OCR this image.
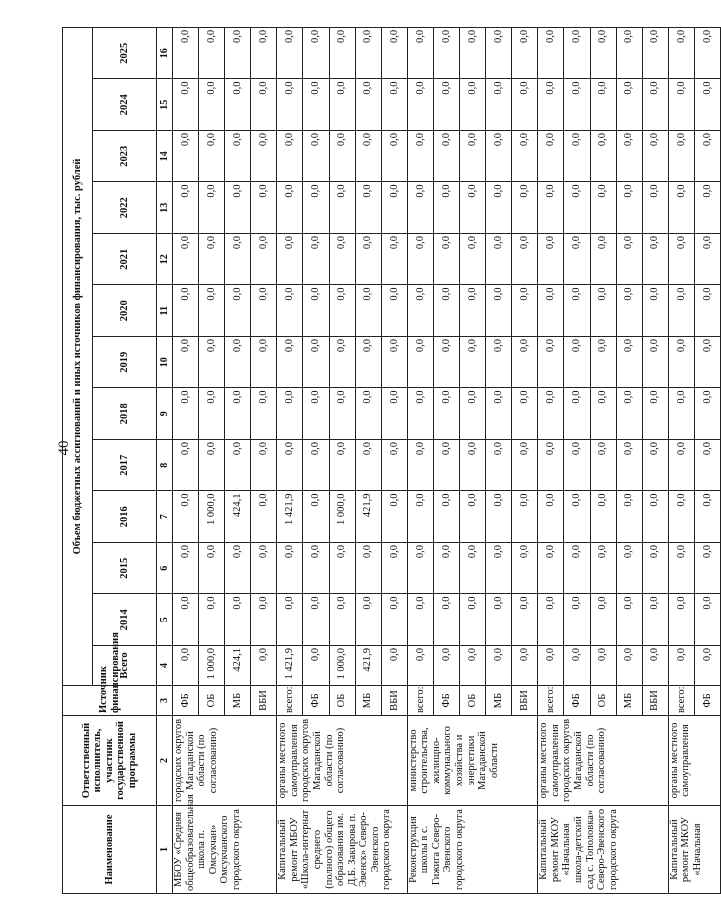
40
Наименование	Ответственный исполнитель, участник государственной программы	Источник финансирования	Объем бюджетных ассигнований и иных источников финансирования, тыс. рублей												
			Всего	2014	2015	2016	2017	2018	2019	2020	2021	2022	2023	2024	2025
1	2	3	4	5	6	7	8	9	10	11	12	13	14	15	16
МБОУ «Средняя общеобразовательная школа п. Омсукчан» Омсукчанского городского округа	городских округов Магаданской области (по согласованию)	ФБ	0,0	0,0	0,0	0,0	0,0	0,0	0,0	0,0	0,0	0,0	0,0	0,0	0,0
		ОБ	1 000,0	0,0	0,0	1 000,0	0,0	0,0	0,0	0,0	0,0	0,0	0,0	0,0	0,0
		МБ	424,1	0,0	0,0	424,1	0,0	0,0	0,0	0,0	0,0	0,0	0,0	0,0	0,0
		ВБИ	0,0	0,0	0,0	0,0	0,0	0,0	0,0	0,0	0,0	0,0	0,0	0,0	0,0
Капитальный ремонт МБОУ «Школа-интернат среднего (полного) общего образования им. Д.Б. Закирова п. Эвенск» Северо-Эвенского городского округа	органы местного самоуправления городских округов Магаданской области (по согласованию)	всего:	1 421,9	0,0	0,0	1 421,9	0,0	0,0	0,0	0,0	0,0	0,0	0,0	0,0	0,0
		ФБ	0,0	0,0	0,0	0,0	0,0	0,0	0,0	0,0	0,0	0,0	0,0	0,0	0,0
		ОБ	1 000,0	0,0	0,0	1 000,0	0,0	0,0	0,0	0,0	0,0	0,0	0,0	0,0	0,0
		МБ	421,9	0,0	0,0	421,9	0,0	0,0	0,0	0,0	0,0	0,0	0,0	0,0	0,0
		ВБИ	0,0	0,0	0,0	0,0	0,0	0,0	0,0	0,0	0,0	0,0	0,0	0,0	0,0
Реконструкция школы в с. Гижига Северо-Эвенского городского округа	министерство строительства, жилищно-коммунального хозяйства и энергетики Магаданской области	всего:	0,0	0,0	0,0	0,0	0,0	0,0	0,0	0,0	0,0	0,0	0,0	0,0	0,0
		ФБ	0,0	0,0	0,0	0,0	0,0	0,0	0,0	0,0	0,0	0,0	0,0	0,0	0,0
		ОБ	0,0	0,0	0,0	0,0	0,0	0,0	0,0	0,0	0,0	0,0	0,0	0,0	0,0
		МБ	0,0	0,0	0,0	0,0	0,0	0,0	0,0	0,0	0,0	0,0	0,0	0,0	0,0
		ВБИ	0,0	0,0	0,0	0,0	0,0	0,0	0,0	0,0	0,0	0,0	0,0	0,0	0,0
Капитальный ремонт МКОУ «Начальная школа-детский сад с. Тополовка» Северо-Эвенского городского округа	органы местного самоуправления городских округов Магаданской области (по согласованию)	всего:	0,0	0,0	0,0	0,0	0,0	0,0	0,0	0,0	0,0	0,0	0,0	0,0	0,0
		ФБ	0,0	0,0	0,0	0,0	0,0	0,0	0,0	0,0	0,0	0,0	0,0	0,0	0,0
		ОБ	0,0	0,0	0,0	0,0	0,0	0,0	0,0	0,0	0,0	0,0	0,0	0,0	0,0
		МБ	0,0	0,0	0,0	0,0	0,0	0,0	0,0	0,0	0,0	0,0	0,0	0,0	0,0
		ВБИ	0,0	0,0	0,0	0,0	0,0	0,0	0,0	0,0	0,0	0,0	0,0	0,0	0,0
Капитальный ремонт МКОУ «Начальная	органы местного самоуправления	всего:	0,0	0,0	0,0	0,0	0,0	0,0	0,0	0,0	0,0	0,0	0,0	0,0	0,0
		ФБ	0,0	0,0	0,0	0,0	0,0	0,0	0,0	0,0	0,0	0,0	0,0	0,0	0,0
